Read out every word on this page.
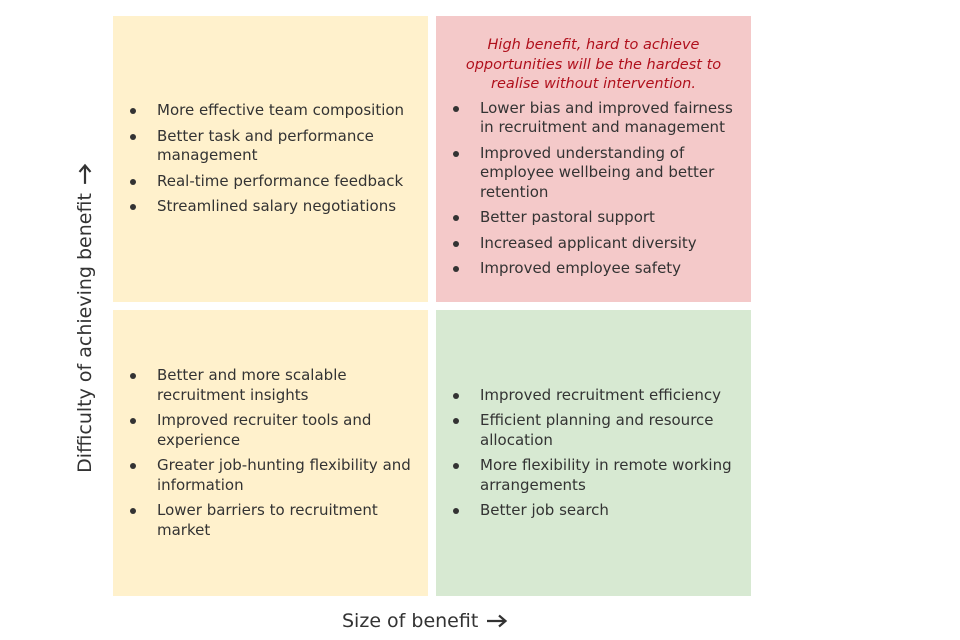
More effective team composition
Better task and performance management
Real-time performance feedback
Streamlined salary negotiations

High benefit, hard to achieve opportunities will be the hardest to realise without intervention.

Lower bias and improved fairness in recruitment and management
Improved understanding of employee wellbeing and better retention
Better pastoral support
Increased applicant diversity
Improved employee safety
Better and more scalable recruitment insights
Improved recruiter tools and experience
Greater job-hunting flexibility and information
Lower barriers to recruitment market
Improved recruitment efficiency
Efficient planning and resource allocation
More flexibility in remote working arrangements
Better job search
Difficulty of achieving benefit
Size of benefit
